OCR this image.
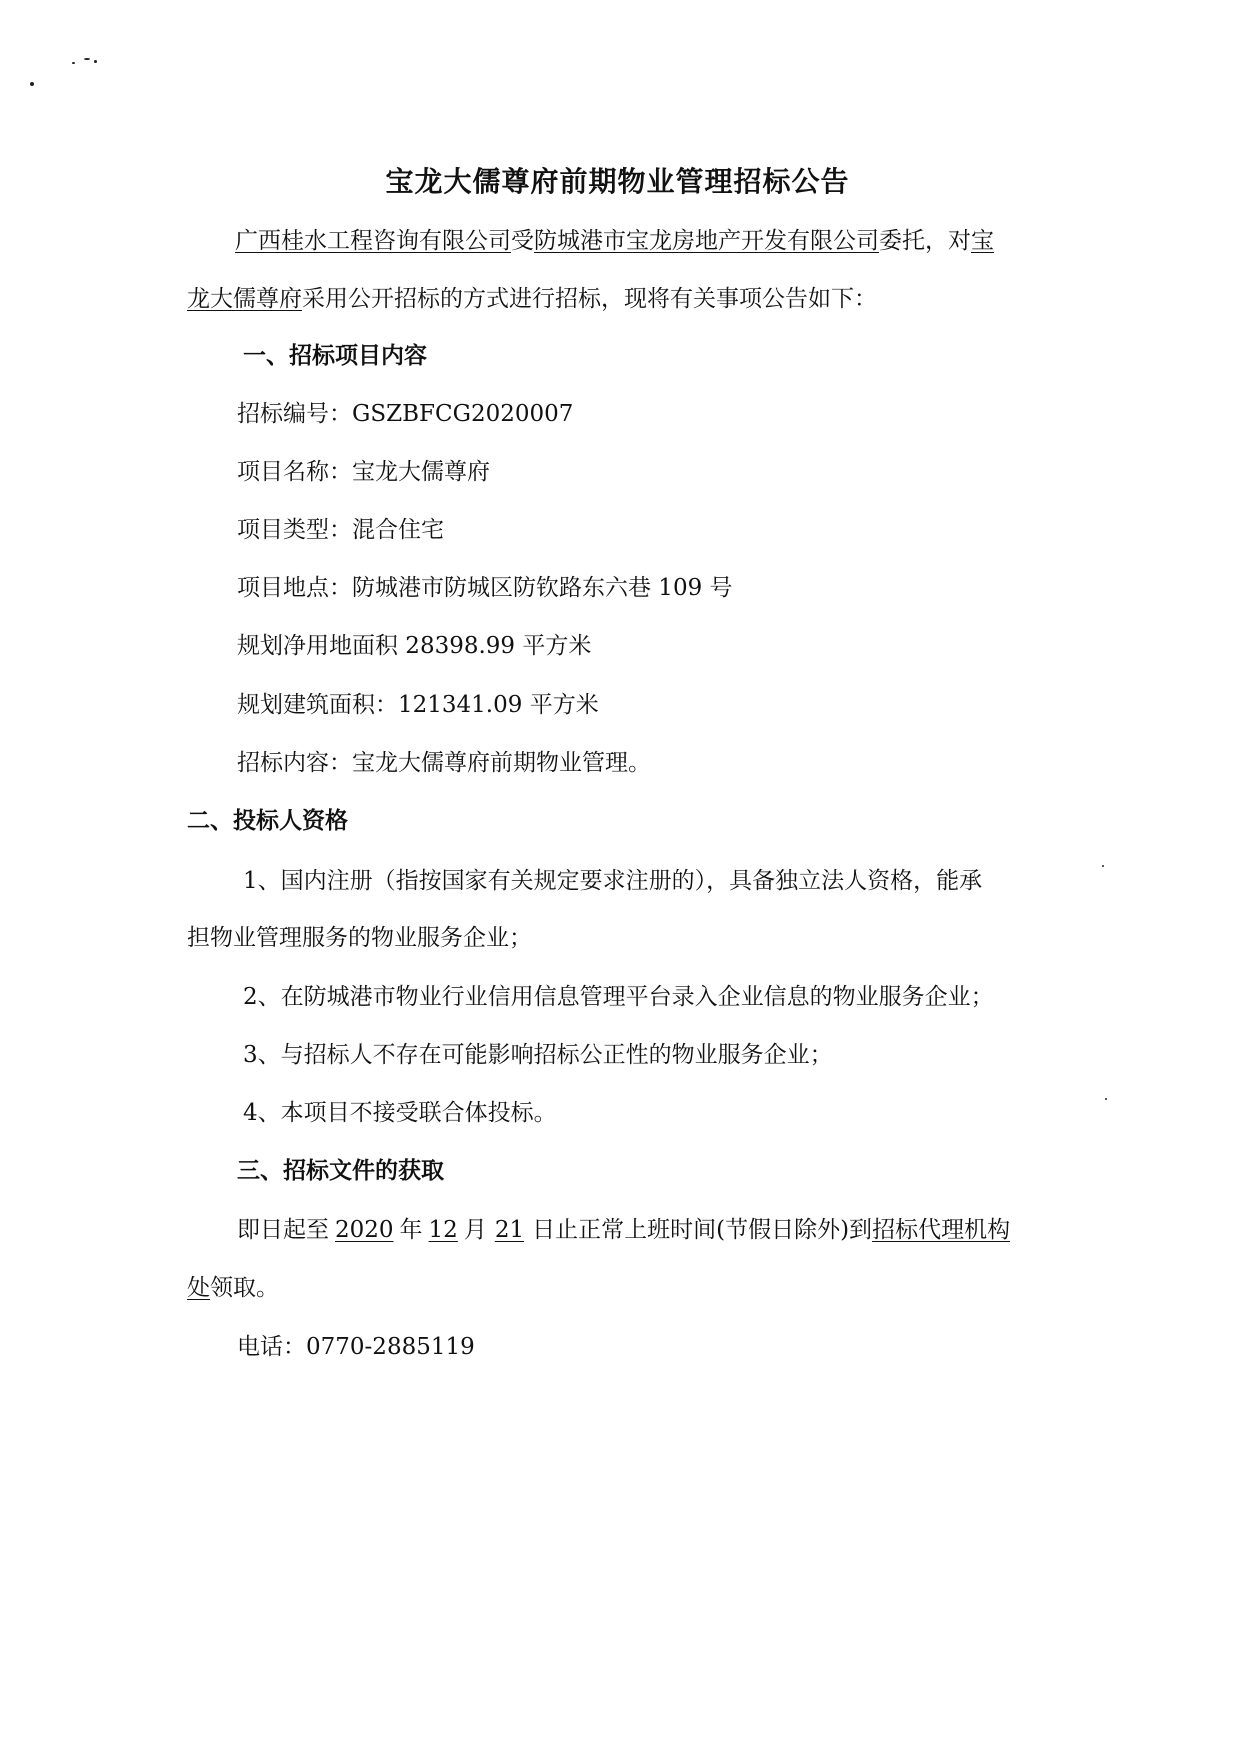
宝龙大儒尊府前期物业管理招标公告
广西桂水工程咨询有限公司受防城港市宝龙房地产开发有限公司委托，对宝
龙大儒尊府采用公开招标的方式进行招标，现将有关事项公告如下：
一、招标项目内容
招标编号：GSZBFCG2020007
项目名称：宝龙大儒尊府
项目类型：混合住宅
项目地点：防城港市防城区防钦路东六巷 109 号
规划净用地面积 28398.99 平方米
规划建筑面积：121341.09 平方米
招标内容：宝龙大儒尊府前期物业管理。
二、投标人资格
1、国内注册（指按国家有关规定要求注册的），具备独立法人资格，能承
担物业管理服务的物业服务企业；
2、在防城港市物业行业信用信息管理平台录入企业信息的物业服务企业；
3、与招标人不存在可能影响招标公正性的物业服务企业；
4、本项目不接受联合体投标。
三、招标文件的获取
即日起至 2020 年 12 月 21 日止正常上班时间(节假日除外)到招标代理机构
处领取。
电话：0770-2885119
